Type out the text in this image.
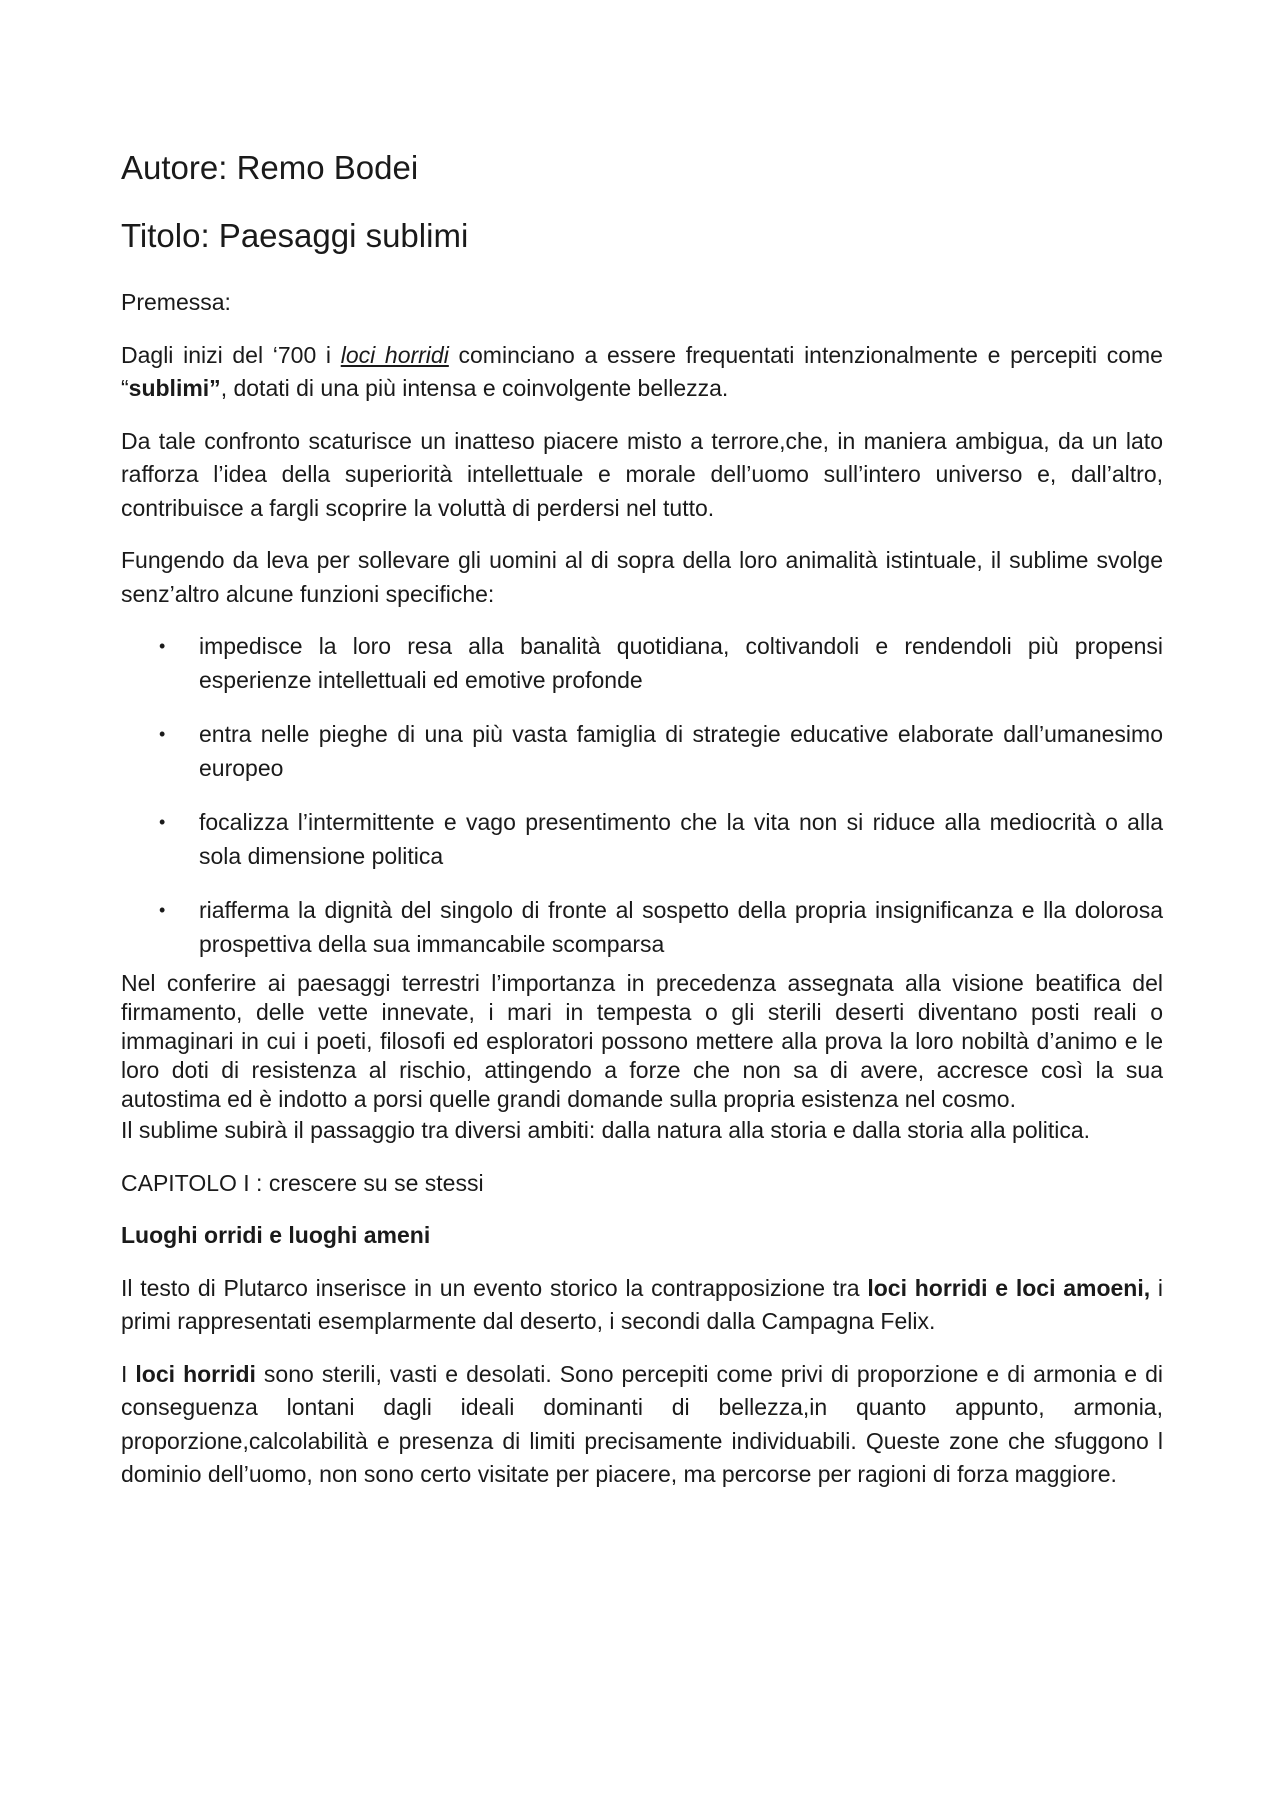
Autore: Remo Bodei
Titolo: Paesaggi sublimi

Premessa:

Dagli inizi del ‘700 i loci horridi cominciano a essere frequentati intenzionalmente e percepiti come “sublimi”, dotati di una più intensa e coinvolgente bellezza.

Da tale confronto scaturisce un inatteso piacere misto a terrore,che, in maniera ambigua, da un lato rafforza l’idea della superiorità intellettuale e morale dell’uomo sull’intero universo e, dall’altro, contribuisce a fargli scoprire la voluttà di perdersi nel tutto.

Fungendo da leva per sollevare gli uomini al di sopra della loro animalità istintuale, il sublime svolge senz’altro alcune funzioni specifiche:

• impedisce la loro resa alla banalità quotidiana, coltivandoli e rendendoli più propensi esperienze intellettuali ed emotive profonde
• entra nelle pieghe di una più vasta famiglia di strategie educative elaborate dall’umanesimo europeo
• focalizza l’intermittente e vago presentimento che la vita non si riduce alla mediocrità o alla sola dimensione politica
• riafferma la dignità del singolo di fronte al sospetto della propria insignificanza e lla dolorosa prospettiva della sua immancabile scomparsa

Nel conferire ai paesaggi terrestri l’importanza in precedenza assegnata alla visione beatifica del firmamento, delle vette innevate, i mari in tempesta o gli sterili deserti diventano posti reali o immaginari in cui i poeti, filosofi ed esploratori possono mettere alla prova la loro nobiltà d’animo e le loro doti di resistenza al rischio, attingendo a forze che non sa di avere, accresce così la sua autostima ed è indotto a porsi quelle grandi domande sulla propria esistenza nel cosmo.

Il sublime subirà il passaggio tra diversi ambiti: dalla natura alla storia e dalla storia alla politica.

CAPITOLO I : crescere su se stessi

Luoghi orridi e luoghi ameni

Il testo di Plutarco inserisce in un evento storico la contrapposizione tra loci horridi e loci amoeni, i primi rappresentati esemplarmente dal deserto, i secondi dalla Campagna Felix.

I loci horridi sono sterili, vasti e desolati. Sono percepiti come privi di proporzione e di armonia e di conseguenza lontani dagli ideali dominanti di bellezza,in quanto appunto, armonia, proporzione,calcolabilità e presenza di limiti precisamente individuabili. Queste zone che sfuggono l dominio dell’uomo, non sono certo visitate per piacere, ma percorse per ragioni di forza maggiore.
